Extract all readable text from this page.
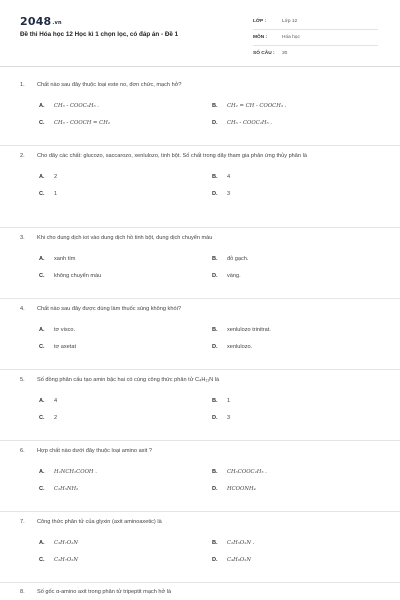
$2048^{.vn}$
Đề thi Hóa học 12 Học kì 1 chọn lọc, có đáp án - Đề 1
LỚP :	Lớp 12
MÔN :	Hóa học
SỐ CÂU :	30
1.	Chất nào sau đây thuộc loại este no, đơn chức, mạch hở?
A.	CH₃ - COOC₆H₅ .	B.	CH₂ = CH - COOCH₃ .
C.	CH₃ - COOCH = CH₂	D.	CH₃ - COOC₂H₅ .
2.	Cho dãy các chất: glucozo, saccarozo, xenlulozo, tinh bột. Số chất trong dãy tham gia phản ứng thủy phân là
A.	2	B.	4
C.	1	D.	3
3.	Khi cho dung dịch iot vào dung dịch hồ tinh bột, dung dịch chuyển màu
A.	xanh tím	B.	đỏ gạch.
C.	không chuyển màu	D.	vàng.
4.	Chất nào sau đây được dùng làm thuốc súng không khói?
A.	tơ visco.	B.	xenlulozo trinitrat.
C.	tơ axetat	D.	xenlulozo.
5.	Số đồng phân cấu tạo amin bậc hai có cùng công thức phân tử C₄H₁₁N là
A.	4	B.	1
C.	2	D.	3
6.	Hợp chất nào dưới đây thuộc loại amino axit ?
A.	H₂NCH₂COOH .	B.	CH₃COOC₂H₅ .
C.	C₂H₅NH₂	D.	HCOONH₄
7.	Công thức phân tử của glyxin (axit aminoaxetic) là
A.	C₃H₇O₂N	B.	C₂H₅O₂N .
C.	C₂H₇O₂N	D.	C₄H₉O₂N
8.	Số gốc α-amino axit trong phân tử tripeptit mạch hở là
